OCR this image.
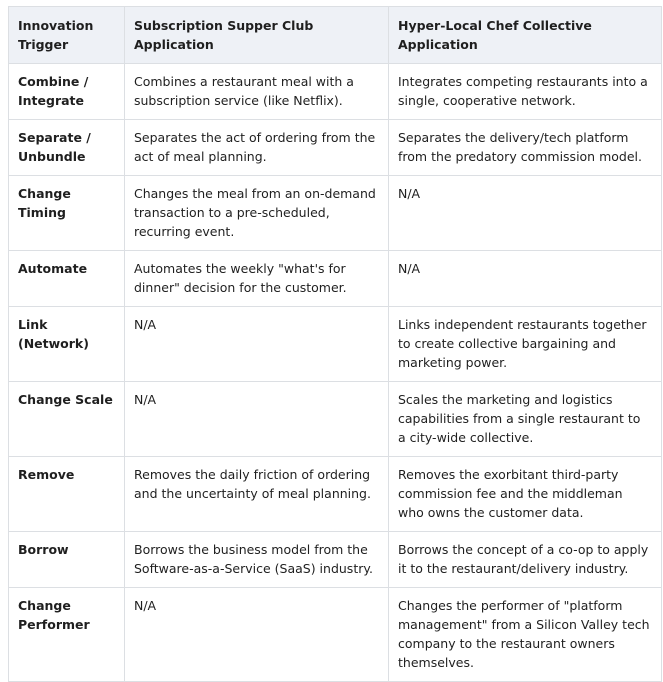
Innovation Trigger	Subscription Supper Club Application	Hyper-Local Chef Collective Application
Combine / Integrate	Combines a restaurant meal with a subscription service (like Netflix).	Integrates competing restaurants into a single, cooperative network.
Separate / Unbundle	Separates the act of ordering from the act of meal planning.	Separates the delivery/tech platform from the predatory commission model.
Change Timing	Changes the meal from an on-demand transaction to a pre-scheduled, recurring event.	N/A
Automate	Automates the weekly "what's for dinner" decision for the customer.	N/A
Link (Network)	N/A	Links independent restaurants together to create collective bargaining and marketing power.
Change Scale	N/A	Scales the marketing and logistics capabilities from a single restaurant to a city-wide collective.
Remove	Removes the daily friction of ordering and the uncertainty of meal planning.	Removes the exorbitant third-party commission fee and the middleman who owns the customer data.
Borrow	Borrows the business model from the Software-as-a-Service (SaaS) industry.	Borrows the concept of a co-op to apply it to the restaurant/delivery industry.
Change Performer	N/A	Changes the performer of "platform management" from a Silicon Valley tech company to the restaurant owners themselves.
